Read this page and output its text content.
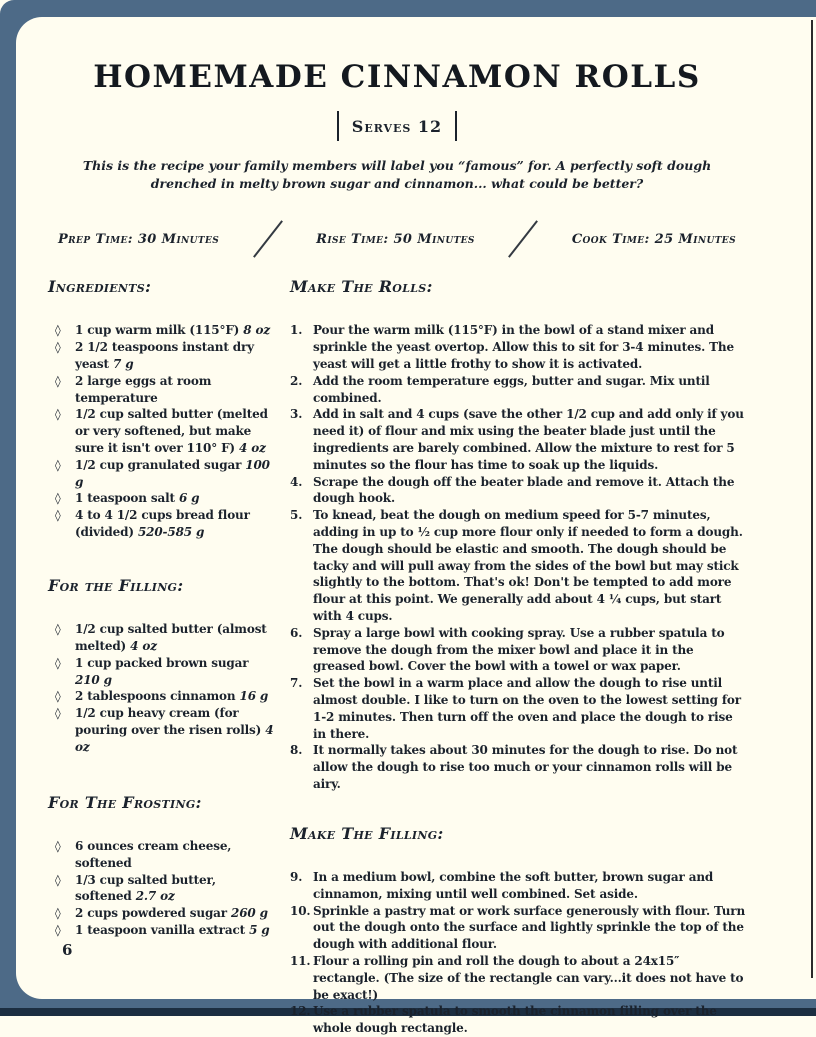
HOMEMADE CINNAMON ROLLS
Serves 12

This is the recipe your family members will label you “famous” for. A perfectly soft dough drenched in melty brown sugar and cinnamon... what could be better?

Prep Time: 30 Minutes	Rise Time: 50 Minutes	Cook Time: 25 Minutes
Ingredients:
◊	1 cup warm milk (115°F) 8 oz

◊	2 1/2 teaspoons instant dry yeast 7 g

◊	2 large eggs at room temperature

◊	1/2 cup salted butter (melted or very softened, but make sure it isn't over 110° F) 4 oz

◊	1/2 cup granulated sugar 100 g

◊	1 teaspoon salt 6 g

◊	4 to 4 1/2 cups bread flour (divided) 520-585 g

For the Filling:
◊	1/2 cup salted butter (almost melted) 4 oz

◊	1 cup packed brown sugar210 g

◊	2 tablespoons cinnamon 16 g

◊	1/2 cup heavy cream (for pouring over the risen rolls) 4 oz

For The Frosting:
◊	6 ounces cream cheese, softened

◊	1/3 cup salted butter, softened 2.7 oz

◊	2 cups powdered sugar 260 g

◊	1 teaspoon vanilla extract 5 g

Make The Rolls:
1. Pour the warm milk (115°F) in the bowl of a stand mixer and sprinkle the yeast overtop. Allow this to sit for 3-4 minutes. The yeast will get a little frothy to show it is activated.

2. Add the room temperature eggs, butter and sugar. Mix until combined.

3. Add in salt and 4 cups (save the other 1/2 cup and add only if you need it) of flour and mix using the beater blade just until the ingredients are barely combined. Allow the mixture to rest for 5 minutes so the flour has time to soak up the liquids.

4. Scrape the dough off the beater blade and remove it. Attach the dough hook.

5. To knead, beat the dough on medium speed for 5-7 minutes, adding in up to ½ cup more flour only if needed to form a dough. The dough should be elastic and smooth. The dough should be tacky and will pull away from the sides of the bowl but may stick slightly to the bottom. That's ok! Don't be tempted to add more flour at this point. We generally add about 4 ¼ cups, but start with 4 cups.

6. Spray a large bowl with cooking spray. Use a rubber spatula to remove the dough from the mixer bowl and place it in the greased bowl. Cover the bowl with a towel or wax paper.

7. Set the bowl in a warm place and allow the dough to rise until almost double. I like to turn on the oven to the lowest setting for 1-2 minutes. Then turn off the oven and place the dough to rise in there.

8. It normally takes about 30 minutes for the dough to rise. Do not allow the dough to rise too much or your cinnamon rolls will be airy.

Make The Filling:
9. In a medium bowl, combine the soft butter, brown sugar and cinnamon, mixing until well combined. Set aside.

10. Sprinkle a pastry mat or work surface generously with flour. Turn out the dough onto the surface and lightly sprinkle the top of the dough with additional flour.

11. Flour a rolling pin and roll the dough to about a 24x15″ rectangle. (The size of the rectangle can vary...it does not have to be exact!)

12. Use a rubber spatula to smooth the cinnamon filling over the whole dough rectangle.

6
